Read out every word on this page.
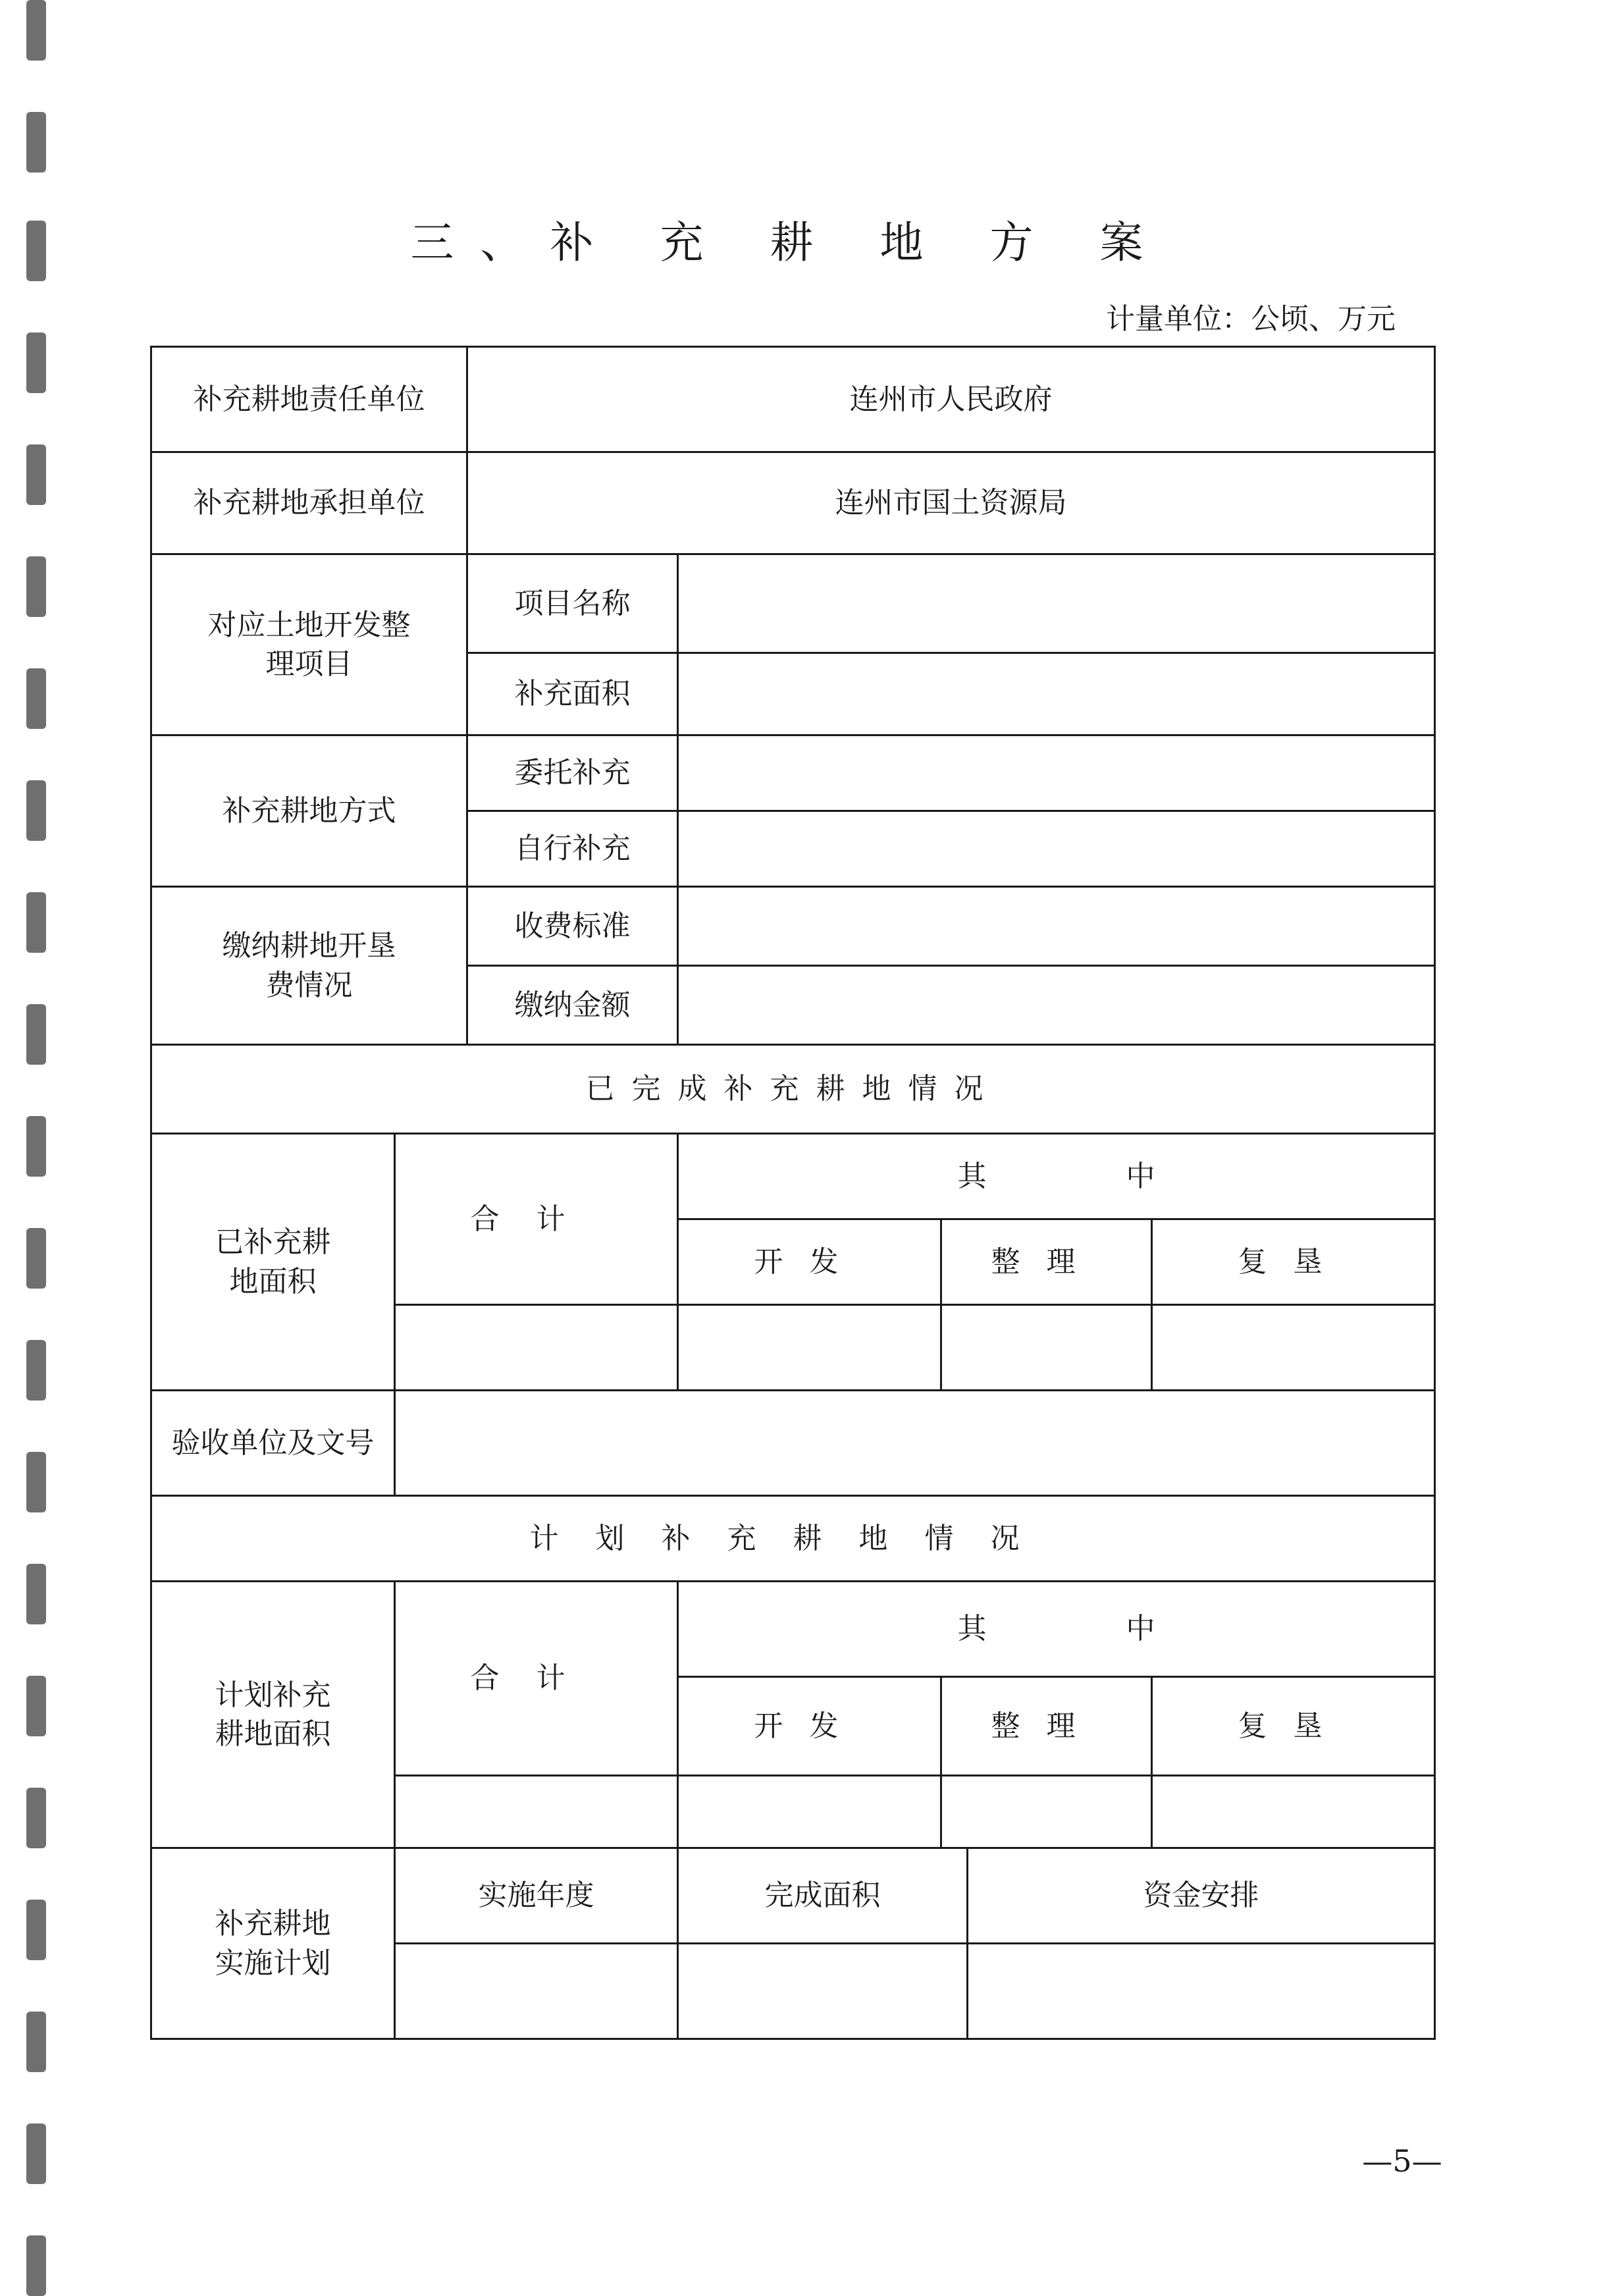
三、补 充 耕 地 方 案
计量单位：公顷、万元
补充耕地责任单位		连州市人民政府				
补充耕地承担单位		连州市国土资源局				
对应土地开发整理项目		项目名称				
		补充面积				
补充耕地方式		委托补充				
		自行补充				
缴纳耕地开垦费情况		收费标准				
		缴纳金额				
已完成补充耕地情况						
已补充耕地面积	合计		其 中			

			开发	整理		复垦

验收单位及文号						
计划补充耕地情况						
计划补充耕地面积	合计		其 中			

			开发	整理		复垦

补充耕地实施计划	实施年度		完成面积		资金安排	

—5—
